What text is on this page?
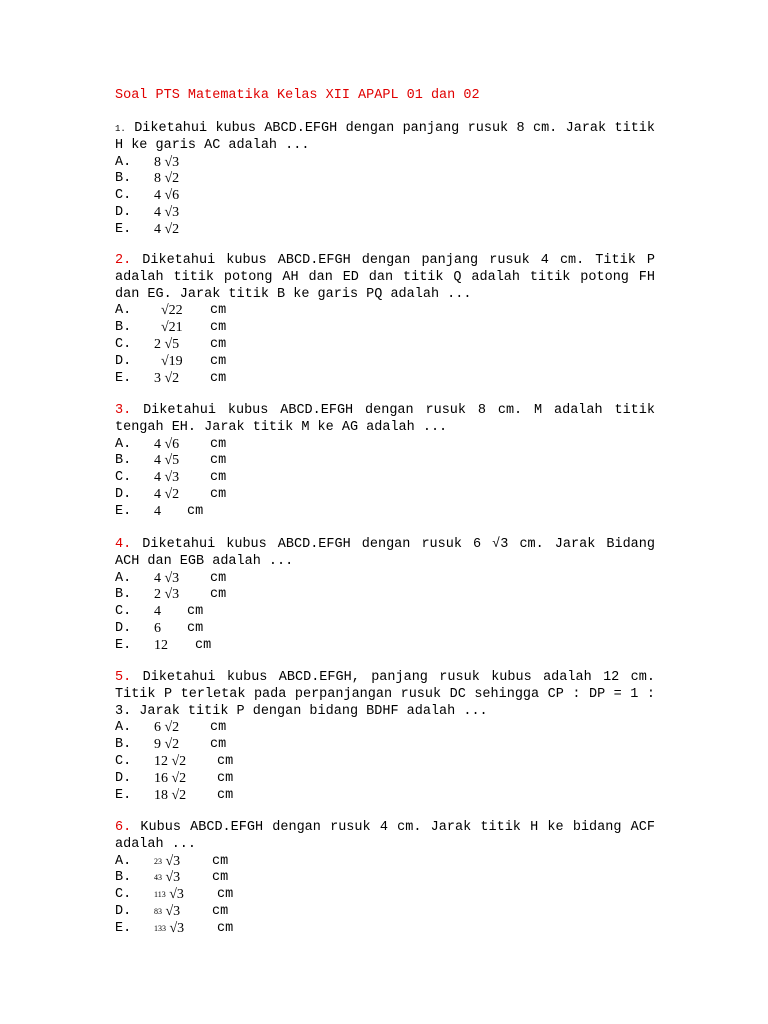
Soal PTS Matematika Kelas XII APAPL 01 dan 02

1. Diketahui kubus ABCD.EFGH dengan panjang rusuk 8 cm. Jarak titik H ke garis AC adalah ...

A. 8 √3
B. 8 √2
C. 4 √6
D. 4 √3
E. 4 √2

2. Diketahui kubus ABCD.EFGH dengan panjang rusuk 4 cm. Titik P adalah titik potong AH dan ED dan titik Q adalah titik potong FH dan EG. Jarak titik B ke garis PQ adalah ...

A. √22 cm
B. √21 cm
C. 2 √5 cm
D. √19 cm
E. 3 √2 cm

3. Diketahui kubus ABCD.EFGH dengan rusuk 8 cm. M adalah titik tengah EH. Jarak titik M ke AG adalah ...

A. 4 √6 cm
B. 4 √5 cm
C. 4 √3 cm
D. 4 √2 cm
E. 4 cm

4. Diketahui kubus ABCD.EFGH dengan rusuk 6 √3 cm. Jarak Bidang ACH dan EGB adalah ...

A. 4 √3 cm
B. 2 √3 cm
C. 4 cm
D. 6 cm
E. 12 cm

5. Diketahui kubus ABCD.EFGH, panjang rusuk kubus adalah 12 cm. Titik P terletak pada perpanjangan rusuk DC sehingga CP : DP = 1 : 3. Jarak titik P dengan bidang BDHF adalah ...

A. 6 √2 cm
B. 9 √2 cm
C. 12 √2 cm
D. 16 √2 cm
E. 18 √2 cm

6. Kubus ABCD.EFGH dengan rusuk 4 cm. Jarak titik H ke bidang ACF adalah ...

A.	23 √3 cm
B.	43 √3 cm
C.	113 √3 cm
D.	83 √3 cm
E.	133 √3 cm
